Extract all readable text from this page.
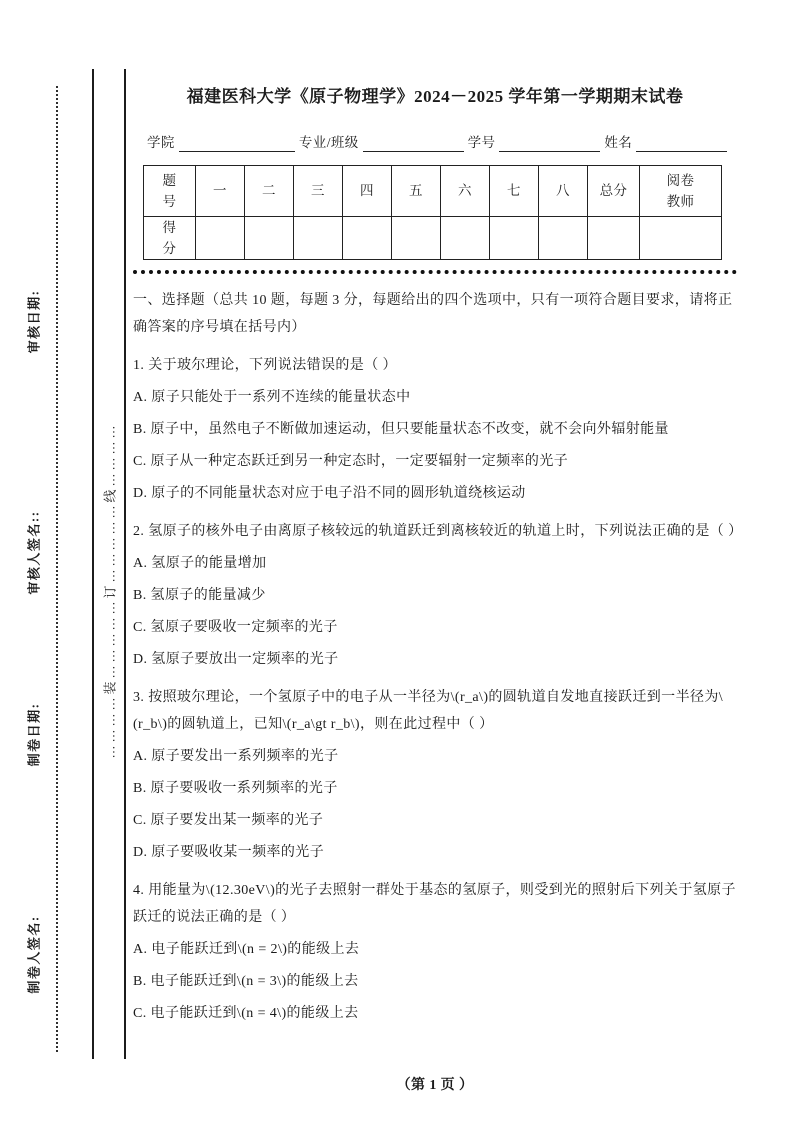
审核日期:
审核人签名::
制卷日期:
制卷人签名:
…………装……………订……………线…………
福建医科大学《原子物理学》2024－2025 学年第一学期期末试卷
学院	专业/班级	学号	姓名
题号	一	二	三	四	五	六	七	八	总分	阅卷教师
得分										

一、选择题（总共 10 题，每题 3 分，每题给出的四个选项中，只有一项符合题目要求，请将正确答案的序号填在括号内）

1. 关于玻尔理论，下列说法错误的是（ ）

A. 原子只能处于一系列不连续的能量状态中

B. 原子中，虽然电子不断做加速运动，但只要能量状态不改变，就不会向外辐射能量

C. 原子从一种定态跃迁到另一种定态时，一定要辐射一定频率的光子

D. 原子的不同能量状态对应于电子沿不同的圆形轨道绕核运动

2. 氢原子的核外电子由离原子核较远的轨道跃迁到离核较近的轨道上时，下列说法正确的是（ ）

A. 氢原子的能量增加

B. 氢原子的能量减少

C. 氢原子要吸收一定频率的光子

D. 氢原子要放出一定频率的光子

3. 按照玻尔理论，一个氢原子中的电子从一半径为\(r_a\)的圆轨道自发地直接跃迁到一半径为\(r_b\)的圆轨道上，已知\(r_a\gt r_b\)，则在此过程中（ ）

A. 原子要发出一系列频率的光子

B. 原子要吸收一系列频率的光子

C. 原子要发出某一频率的光子

D. 原子要吸收某一频率的光子

4. 用能量为\(12.30eV\)的光子去照射一群处于基态的氢原子，则受到光的照射后下列关于氢原子跃迁的说法正确的是（ ）

A. 电子能跃迁到\(n = 2\)的能级上去

B. 电子能跃迁到\(n = 3\)的能级上去

C. 电子能跃迁到\(n = 4\)的能级上去

（第 1 页 ）
